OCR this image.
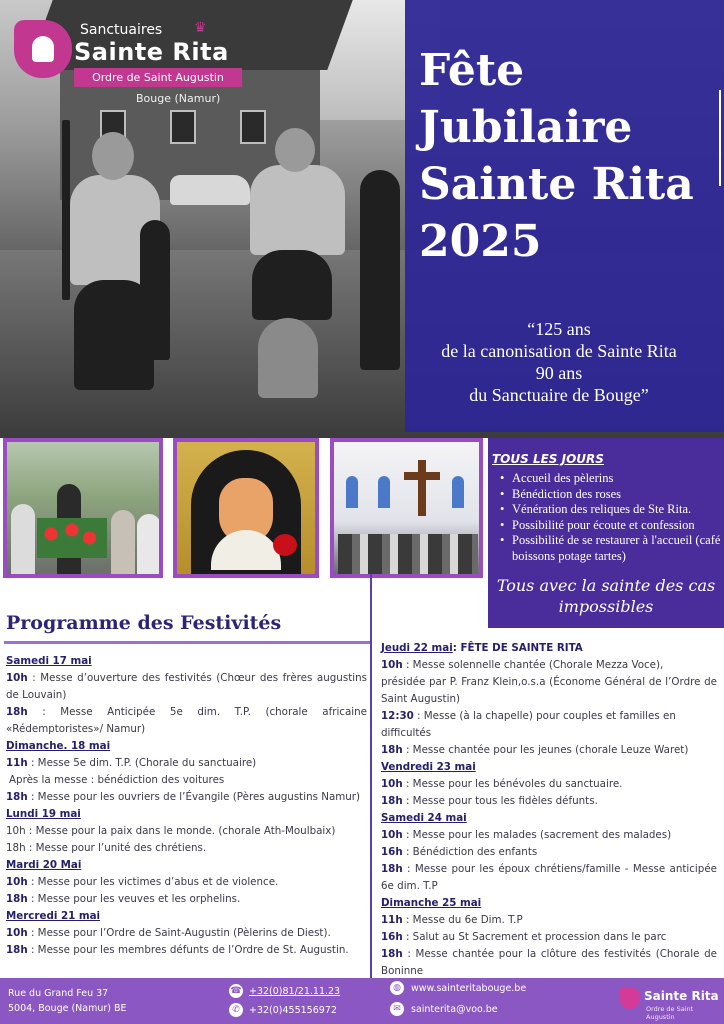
Sanctuaires ♛
Sainte Rita
Ordre de Saint Augustin
Bouge (Namur)
Fête Jubilaire Sainte Rita 2025
“125 ans
de la canonisation de Sainte Rita
90 ans
du Sanctuaire de Bouge”
TOUS LES JOURS
• Accueil des pèlerins
• Bénédiction des roses
• Vénération des reliques de Ste Rita.
• Possibilité pour écoute et confession
• Possibilité de se restaurer à l'accueil (café boissons potage tartes)
Tous avec la sainte des cas impossibles
Programme des Festivités

Samedi 17 mai

10h : Messe d’ouverture des festivités (Chœur des frères augustins de Louvain)

18h : Messe Anticipée 5e dim. T.P. (chorale africaine «Rédemptoristes»/ Namur)

Dimanche. 18 mai

11h : Messe 5e dim. T.P. (Chorale du sanctuaire)

Après la messe : bénédiction des voitures

18h : Messe pour les ouvriers de l’Évangile (Pères augustins Namur)

Lundi 19 mai

10h : Messe pour la paix dans le monde. (chorale Ath-Moulbaix)

18h : Messe pour l’unité des chrétiens.

Mardi 20 Mai

10h : Messe pour les victimes d’abus et de violence.

18h : Messe pour les veuves et les orphelins.

Mercredi 21 mai

10h : Messe pour l’Ordre de Saint-Augustin (Pèlerins de Diest).

18h : Messe pour les membres défunts de l’Ordre de St. Augustin.

Jeudi 22 mai: FÊTE DE SAINTE RITA

10h : Messe solennelle chantée (Chorale Mezza Voce),

présidée par P. Franz Klein,o.s.a (Économe Général de l’Ordre de Saint Augustin)

12:30 : Messe (à la chapelle) pour couples et familles en difficultés

18h : Messe chantée pour les jeunes (chorale Leuze Waret)

Vendredi 23 mai

10h : Messe pour les bénévoles du sanctuaire.

18h : Messe pour tous les fidèles défunts.

Samedi 24 mai

10h : Messe pour les malades (sacrement des malades)

16h : Bénédiction des enfants

18h : Messe pour les époux chrétiens/famille - Messe anticipée 6e dim. T.P

Dimanche 25 mai

11h : Messe du 6e Dim. T.P

16h : Salut au St Sacrement et procession dans le parc

18h : Messe chantée pour la clôture des festivités (Chorale de Boninne

Rue du Grand Feu 37
5004, Bouge (Namur) BE
☎ +32(0)81/21.11.23
✆ +32(0)455156972
◍	www.sainteritabouge.be
✉	sainterita@voo.be
Sainte Rita
Ordre de Saint Augustin
